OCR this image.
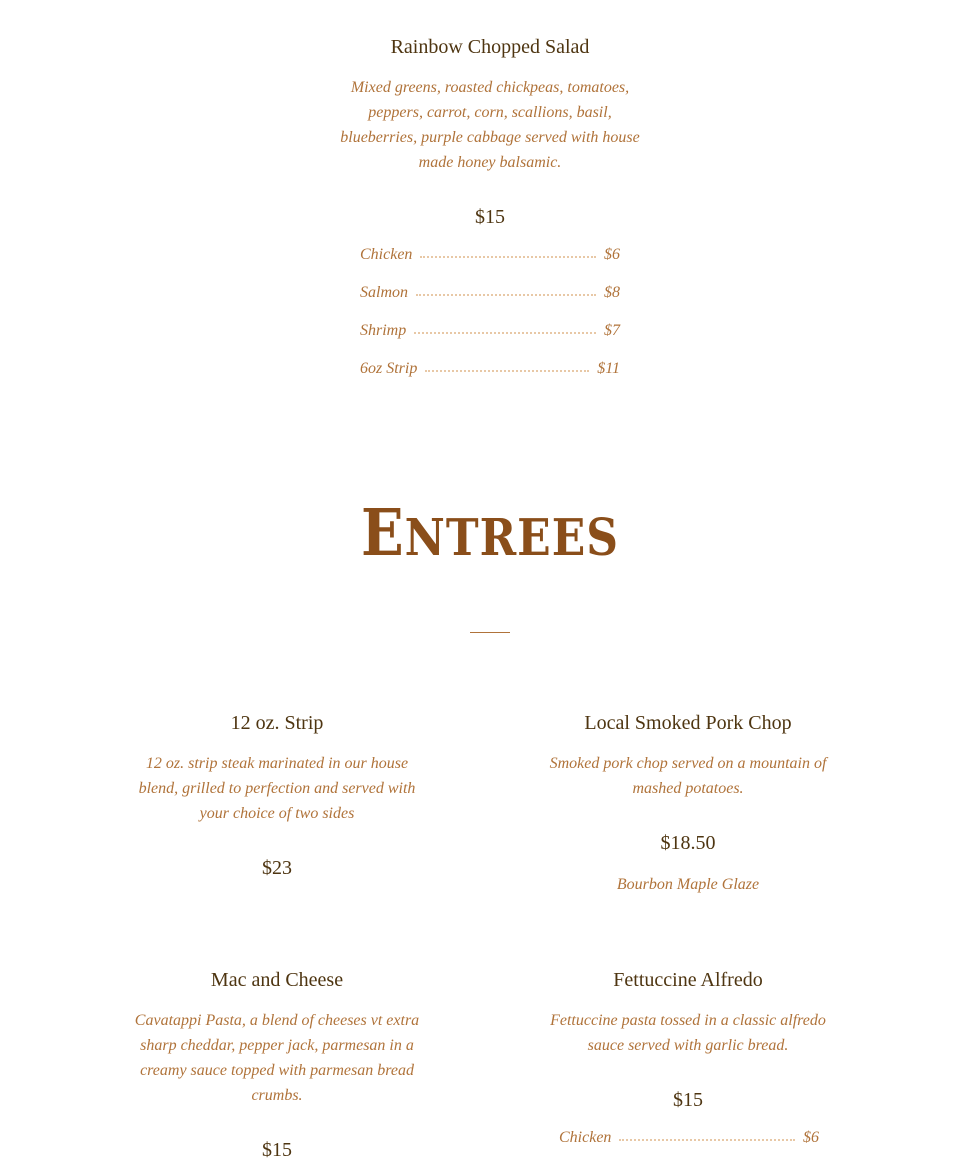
Rainbow Chopped Salad

Mixed greens, roasted chickpeas, tomatoes, peppers, carrot, corn, scallions, basil, blueberries, purple cabbage served with house made honey balsamic.

$15
Chicken	$6
Salmon	$8
Shrimp	$7
6oz Strip	$11
ENTREES
12 oz. Strip

12 oz. strip steak marinated in our house blend, grilled to perfection and served with your choice of two sides

$23
Local Smoked Pork Chop

Smoked pork chop served on a mountain of mashed potatoes.

$18.50
Bourbon Maple Glaze
Mac and Cheese

Cavatappi Pasta, a blend of cheeses vt extra sharp cheddar, pepper jack, parmesan in a creamy sauce topped with parmesan bread crumbs.

$15
Fettuccine Alfredo

Fettuccine pasta tossed in a classic alfredo sauce served with garlic bread.

$15
Chicken	$6
